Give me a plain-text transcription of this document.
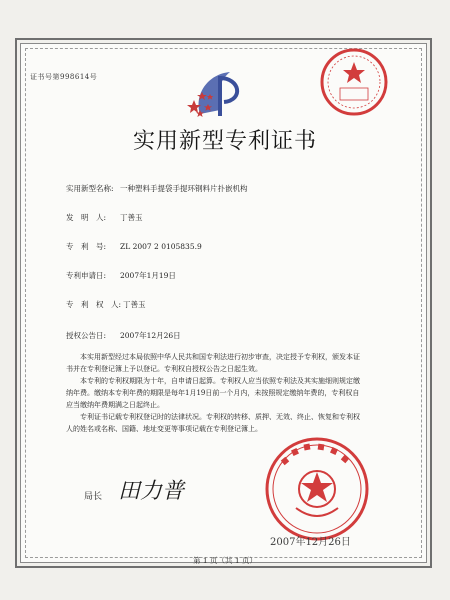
证书号第998614号
实用新型专利证书
实用新型名称: 一种塑料手提袋手提环钢料片扑嵌机构
发　明　人: 丁善玉
专　利　号: ZL 2007 2 0105835.9
专利申请日: 2007年1月19日
专　利　权　人: 丁善玉
授权公告日: 2007年12月26日
本实用新型经过本局依照中华人民共和国专利法进行初步审查，决定授予专利权，颁发本证书并在专利登记簿上予以登记。专利权自授权公告之日起生效。
本专利的专利权期限为十年，自申请日起算。专利权人应当依照专利法及其实施细则规定缴纳年费。缴纳本专利年费的期限是每年1月19日前一个月内，未按照规定缴纳年费的，专利权自应当缴纳年费期满之日起终止。
专利证书记载专利权登记时的法律状况。专利权的转移、质押、无效、终止、恢复和专利权人的姓名或名称、国籍、地址变更等事项记载在专利登记簿上。
局长 田力普
2007年12月26日
第 1 页（共 1 页）
